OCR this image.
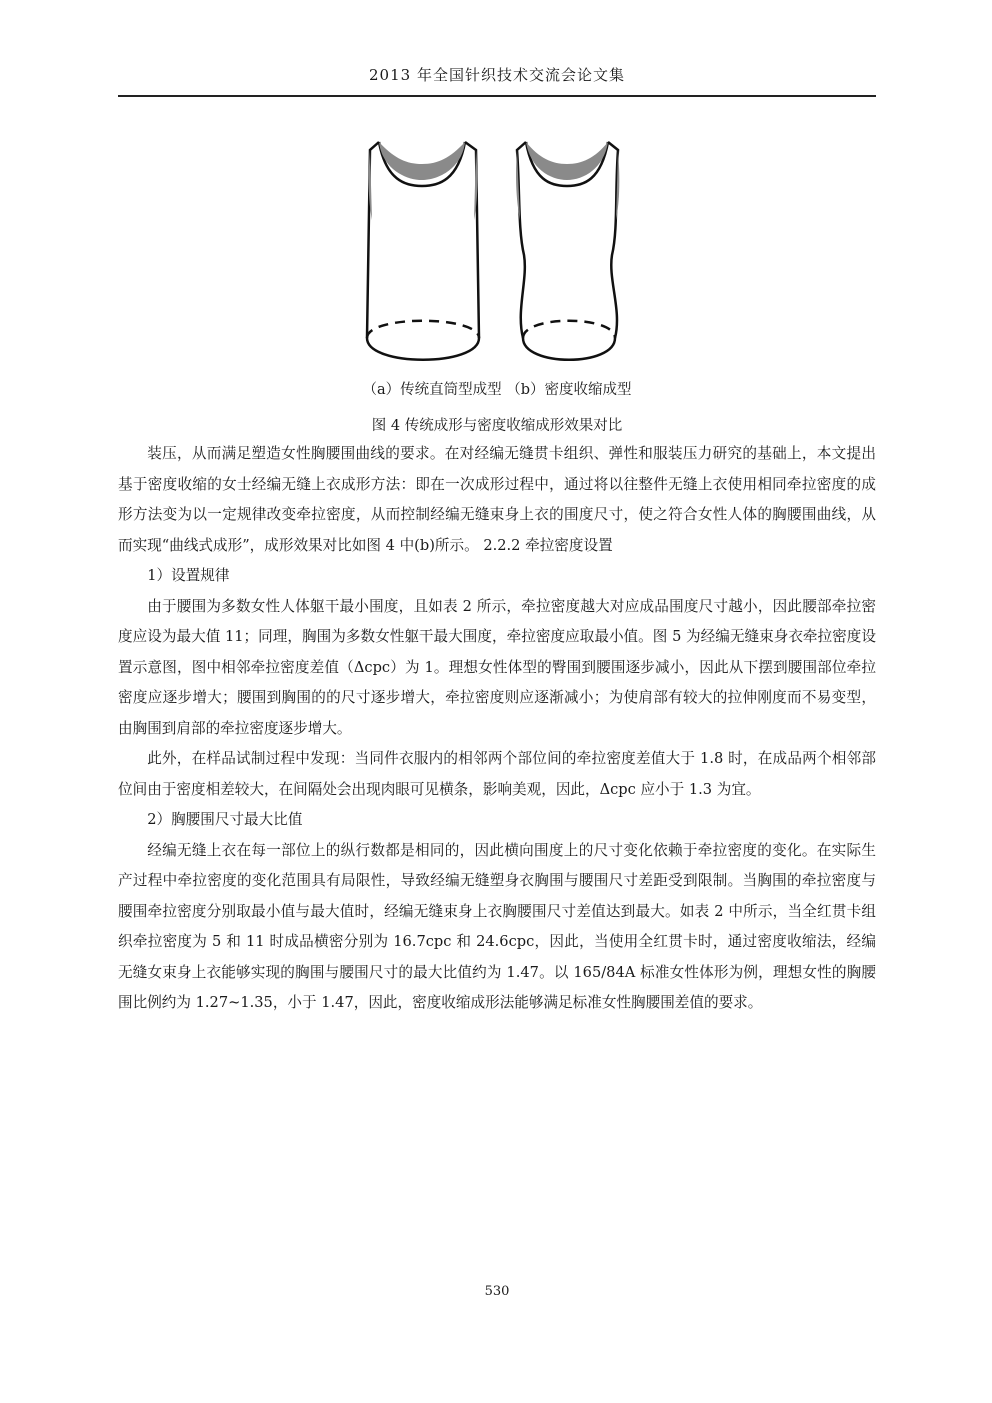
2013 年全国针织技术交流会论文集
（a）传统直筒型成型 （b）密度收缩成型
图 4 传统成形与密度收缩成形效果对比

装压，从而满足塑造女性胸腰围曲线的要求。在对经编无缝贯卡组织、弹性和服装压力研究的基础上，本文提出基于密度收缩的女士经编无缝上衣成形方法：即在一次成形过程中，通过将以往整件无缝上衣使用相同牵拉密度的成形方法变为以一定规律改变牵拉密度，从而控制经编无缝束身上衣的围度尺寸，使之符合女性人体的胸腰围曲线，从而实现“曲线式成形”，成形效果对比如图 4 中(b)所示。 2.2.2 牵拉密度设置

1）设置规律

由于腰围为多数女性人体躯干最小围度，且如表 2 所示，牵拉密度越大对应成品围度尺寸越小，因此腰部牵拉密度应设为最大值 11；同理，胸围为多数女性躯干最大围度，牵拉密度应取最小值。图 5 为经编无缝束身衣牵拉密度设置示意图，图中相邻牵拉密度差值（Δcpc）为 1。理想女性体型的臀围到腰围逐步减小，因此从下摆到腰围部位牵拉密度应逐步增大；腰围到胸围的的尺寸逐步增大，牵拉密度则应逐渐减小；为使肩部有较大的拉伸刚度而不易变型，由胸围到肩部的牵拉密度逐步增大。

此外，在样品试制过程中发现：当同件衣服内的相邻两个部位间的牵拉密度差值大于 1.8 时，在成品两个相邻部位间由于密度相差较大，在间隔处会出现肉眼可见横条，影响美观，因此，Δcpc 应小于 1.3 为宜。

2）胸腰围尺寸最大比值

经编无缝上衣在每一部位上的纵行数都是相同的，因此横向围度上的尺寸变化依赖于牵拉密度的变化。在实际生产过程中牵拉密度的变化范围具有局限性，导致经编无缝塑身衣胸围与腰围尺寸差距受到限制。当胸围的牵拉密度与腰围牵拉密度分别取最小值与最大值时，经编无缝束身上衣胸腰围尺寸差值达到最大。如表 2 中所示，当全红贯卡组织牵拉密度为 5 和 11 时成品横密分别为 16.7cpc 和 24.6cpc，因此，当使用全红贯卡时，通过密度收缩法，经编无缝女束身上衣能够实现的胸围与腰围尺寸的最大比值约为 1.47。以 165/84A 标准女性体形为例，理想女性的胸腰围比例约为 1.27~1.35，小于 1.47，因此，密度收缩成形法能够满足标准女性胸腰围差值的要求。

530
